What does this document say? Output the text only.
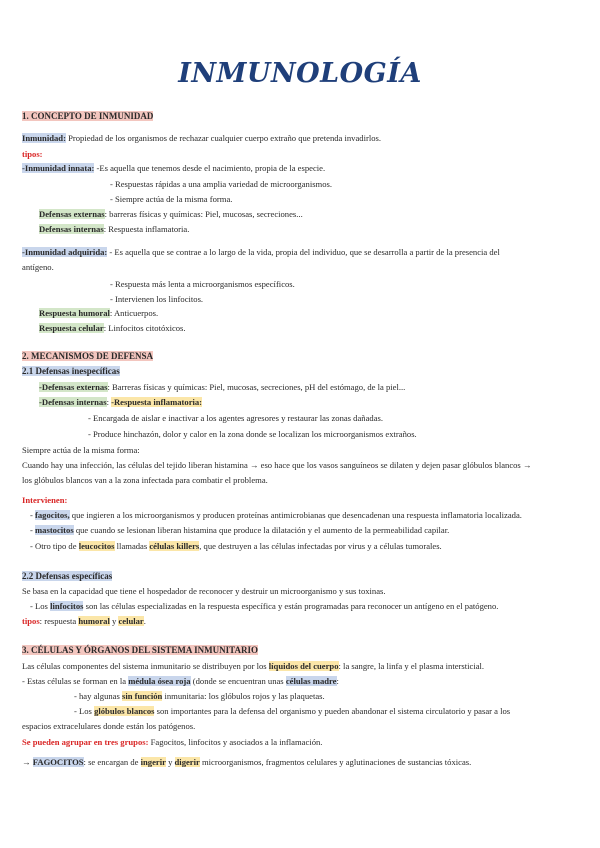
INMUNOLOGÍA
1. CONCEPTO DE INMUNIDAD
Inmunidad: Propiedad de los organismos de rechazar cualquier cuerpo extraño que pretenda invadirlos.
tipos:
-Inmunidad innata: -Es aquella que tenemos desde el nacimiento, propia de la especie.
- Respuestas rápidas a una amplia variedad de microorganismos.
- Siempre actúa de la misma forma.
Defensas externas: barreras físicas y químicas: Piel, mucosas, secreciones...
Defensas internas: Respuesta inflamatoria.
-Inmunidad adquirida: - Es aquella que se contrae a lo largo de la vida, propia del individuo, que se desarrolla a partir de la presencia del
antígeno.
- Respuesta más lenta a microorganismos específicos.
- Intervienen los linfocitos.
Respuesta humoral: Anticuerpos.
Respuesta celular: Linfocitos citotóxicos.
2. MECANISMOS DE DEFENSA
2.1 Defensas inespecíficas
-Defensas externas: Barreras físicas y químicas: Piel, mucosas, secreciones, pH del estómago, de la piel...
-Defensas internas: -Respuesta inflamatoria:
- Encargada de aislar e inactivar a los agentes agresores y restaurar las zonas dañadas.
- Produce hinchazón, dolor y calor en la zona donde se localizan los microorganismos extraños.
Siempre actúa de la misma forma:
Cuando hay una infección, las células del tejido liberan histamina → eso hace que los vasos sanguíneos se dilaten y dejen pasar glóbulos blancos →
los glóbulos blancos van a la zona infectada para combatir el problema.
Intervienen:
- fagocitos, que ingieren a los microorganismos y producen proteínas antimicrobianas que desencadenan una respuesta inflamatoria localizada.
- mastocitos que cuando se lesionan liberan histamina que produce la dilatación y el aumento de la permeabilidad capilar.
- Otro tipo de leucocitos llamadas células killers, que destruyen a las células infectadas por virus y a células tumorales.
2.2 Defensas específicas
Se basa en la capacidad que tiene el hospedador de reconocer y destruir un microorganismo y sus toxinas.
- Los linfocitos son las células especializadas en la respuesta específica y están programadas para reconocer un antígeno en el patógeno.
tipos: respuesta humoral y celular.
3. CÉLULAS Y ÓRGANOS DEL SISTEMA INMUNITARIO
Las células componentes del sistema inmunitario se distribuyen por los líquidos del cuerpo: la sangre, la linfa y el plasma intersticial.
- Estas células se forman en la médula ósea roja (donde se encuentran unas células madre:
- hay algunas sin función inmunitaria: los glóbulos rojos y las plaquetas.
- Los glóbulos blancos son importantes para la defensa del organismo y pueden abandonar el sistema circulatorio y pasar a los
espacios extracelulares donde están los patógenos.
Se pueden agrupar en tres grupos: Fagocitos, linfocitos y asociados a la inflamación.
→ FAGOCITOS: se encargan de ingerir y digerir microorganismos, fragmentos celulares y aglutinaciones de sustancias tóxicas.
